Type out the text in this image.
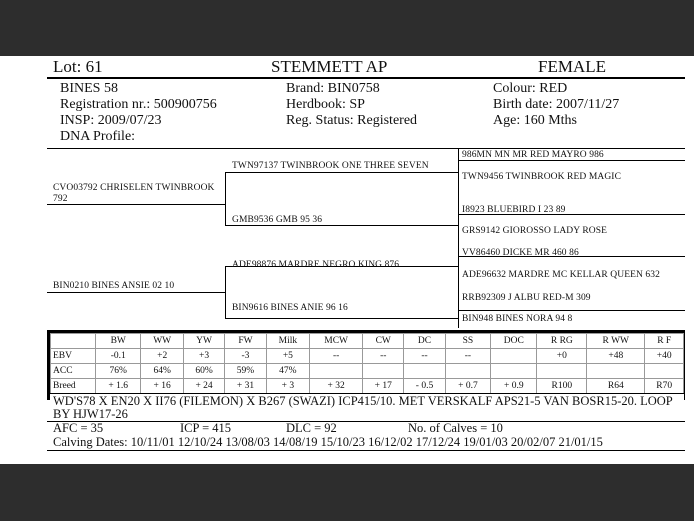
Lot: 61	STEMMETT AP	FEMALE
BINES 58
Registration nr.: 500900756
INSP: 2009/07/23
DNA Profile:
Brand: BIN0758
Herdbook: SP
Reg. Status: Registered
Colour: RED
Birth date: 2007/11/27
Age: 160 Mths
CVO03792 CHRISELEN TWINBROOK 792
TWN97137 TWINBROOK ONE THREE SEVEN
GMB9536 GMB 95 36
986MN MN MR RED MAYRO 986
TWN9456 TWINBROOK RED MAGIC
I8923 BLUEBIRD I 23 89
GRS9142 GIOROSSO LADY ROSE
BIN0210 BINES ANSIE 02 10
ADE98876 MARDRE NEGRO KING 876
BIN9616 BINES ANIE 96 16
VV86460 DICKE MR 460 86
ADE96632 MARDRE MC KELLAR QUEEN 632
RRB92309 J ALBU RED-M 309
BIN948 BINES NORA 94 8
	BW	WW	YW	FW	Milk	MCW	CW	DC	SS	DOC	R RG	R WW	R F
EBV	-0.1	+2	+3	-3	+5	--	--	--	--		+0	+48	+40
ACC	76%	64%	60%	59%	47%								
Breed	+ 1.6	+ 16	+ 24	+ 31	+ 3	+ 32	+ 17	- 0.5	+ 0.7	+ 0.9	R100	R64	R70
WD'S78 X EN20 X II76 (FILEMON) X B267 (SWAZI) ICP415/10. MET VERSKALF APS21-5 VAN BOSR15-20. LOOP
BY HJW17-26
AFC = 35	ICP = 415	DLC = 92	No. of Calves = 10
Calving Dates: 10/11/01 12/10/24 13/08/03 14/08/19 15/10/23 16/12/02 17/12/24 19/01/03 20/02/07 21/01/15
